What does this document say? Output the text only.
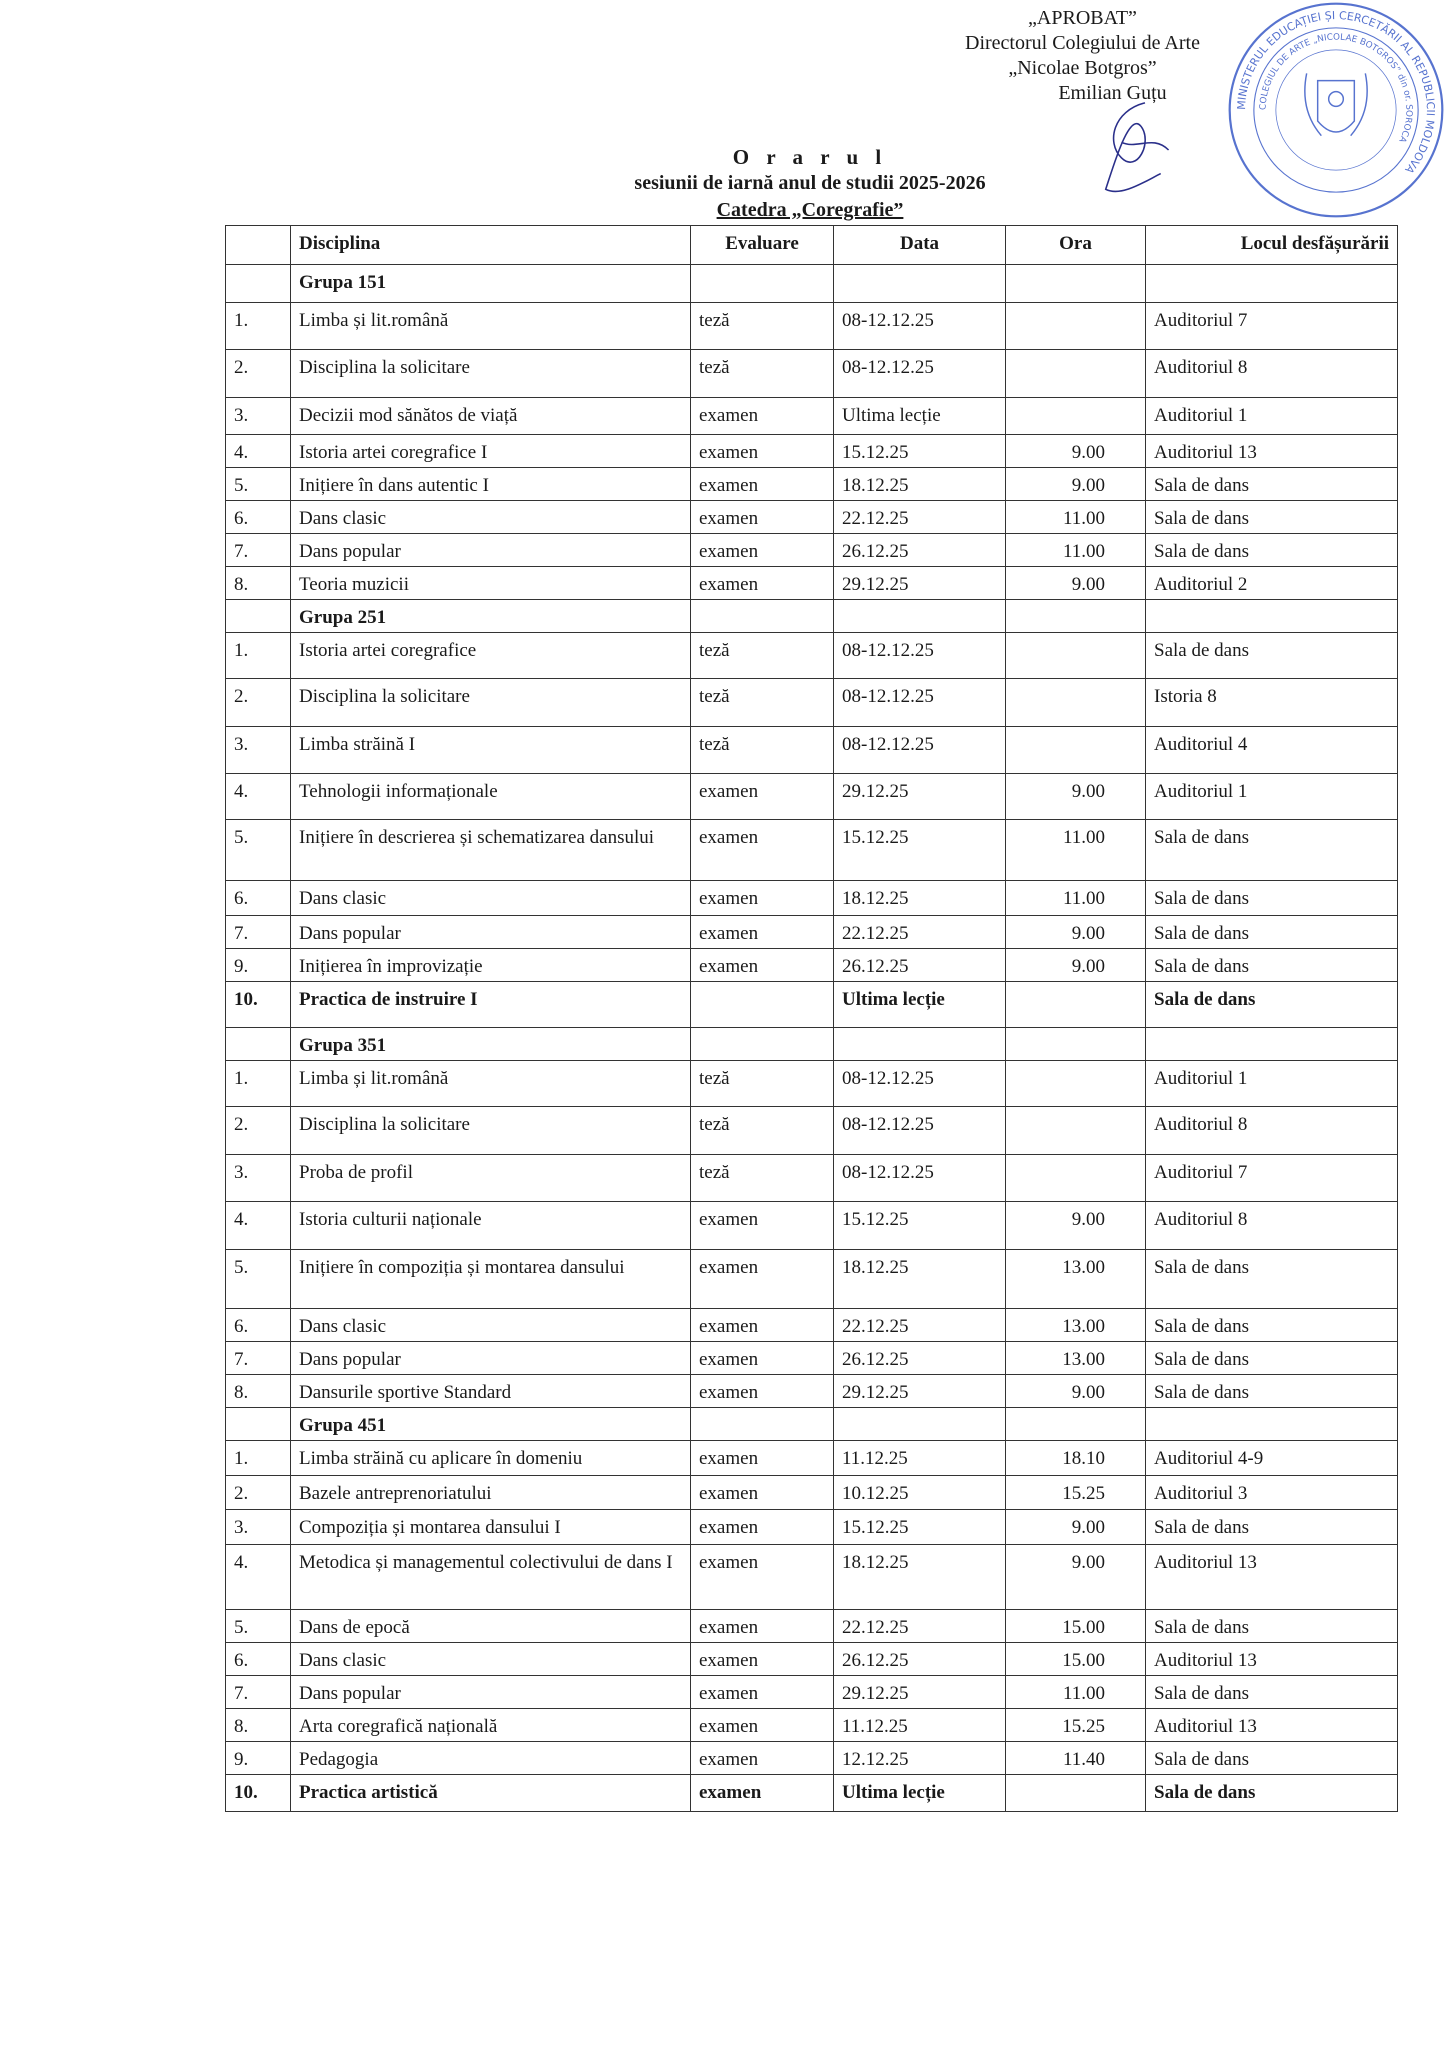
„APROBAT”
Directorul Colegiului de Arte
„Nicolae Botgros”
Emilian Guțu
MINISTERUL EDUCAȚIEI ȘI CERCETĂRII AL REPUBLICII MOLDOVA
COLEGIUL DE ARTE „NICOLAE BOTGROS” din or. SOROCA
O r a r u l
sesiunii de iarnă anul de studii 2025-2026
Catedra „Coregrafie”
	Disciplina	Evaluare	Data	Ora	Locul desfășurării
	Grupa 151				
1.	Limba și lit.română	teză	08-12.12.25		Auditoriul 7
2.	Disciplina la solicitare	teză	08-12.12.25		Auditoriul 8
3.	Decizii mod sănătos de viață	examen	Ultima lecție		Auditoriul 1
4.	Istoria artei coregrafice I	examen	15.12.25	9.00	Auditoriul 13
5.	Inițiere în dans autentic I	examen	18.12.25	9.00	Sala de dans
6.	Dans clasic	examen	22.12.25	11.00	Sala de dans
7.	Dans popular	examen	26.12.25	11.00	Sala de dans
8.	Teoria muzicii	examen	29.12.25	9.00	Auditoriul 2
	Grupa 251				
1.	Istoria artei coregrafice	teză	08-12.12.25		Sala de dans
2.	Disciplina la solicitare	teză	08-12.12.25		Istoria 8
3.	Limba străină I	teză	08-12.12.25		Auditoriul 4
4.	Tehnologii informaționale	examen	29.12.25	9.00	Auditoriul 1
5.	Inițiere în descrierea și schematizarea dansului	examen	15.12.25	11.00	Sala de dans
6.	Dans clasic	examen	18.12.25	11.00	Sala de dans
7.	Dans popular	examen	22.12.25	9.00	Sala de dans
9.	Inițierea în improvizație	examen	26.12.25	9.00	Sala de dans
10.	Practica de instruire I		Ultima lecție		Sala de dans
	Grupa 351				
1.	Limba și lit.română	teză	08-12.12.25		Auditoriul 1
2.	Disciplina la solicitare	teză	08-12.12.25		Auditoriul 8
3.	Proba de profil	teză	08-12.12.25		Auditoriul 7
4.	Istoria culturii naționale	examen	15.12.25	9.00	Auditoriul 8
5.	Inițiere în compoziția și montarea dansului	examen	18.12.25	13.00	Sala de dans
6.	Dans clasic	examen	22.12.25	13.00	Sala de dans
7.	Dans popular	examen	26.12.25	13.00	Sala de dans
8.	Dansurile sportive Standard	examen	29.12.25	9.00	Sala de dans
	Grupa 451				
1.	Limba străină cu aplicare în domeniu	examen	11.12.25	18.10	Auditoriul 4-9
2.	Bazele antreprenoriatului	examen	10.12.25	15.25	Auditoriul 3
3.	Compoziția și montarea dansului I	examen	15.12.25	9.00	Sala de dans
4.	Metodica și managementul colectivului de dans I	examen	18.12.25	9.00	Auditoriul 13
5.	Dans de epocă	examen	22.12.25	15.00	Sala de dans
6.	Dans clasic	examen	26.12.25	15.00	Auditoriul 13
7.	Dans popular	examen	29.12.25	11.00	Sala de dans
8.	Arta coregrafică națională	examen	11.12.25	15.25	Auditoriul 13
9.	Pedagogia	examen	12.12.25	11.40	Sala de dans
10.	Practica artistică	examen	Ultima lecție		Sala de dans
